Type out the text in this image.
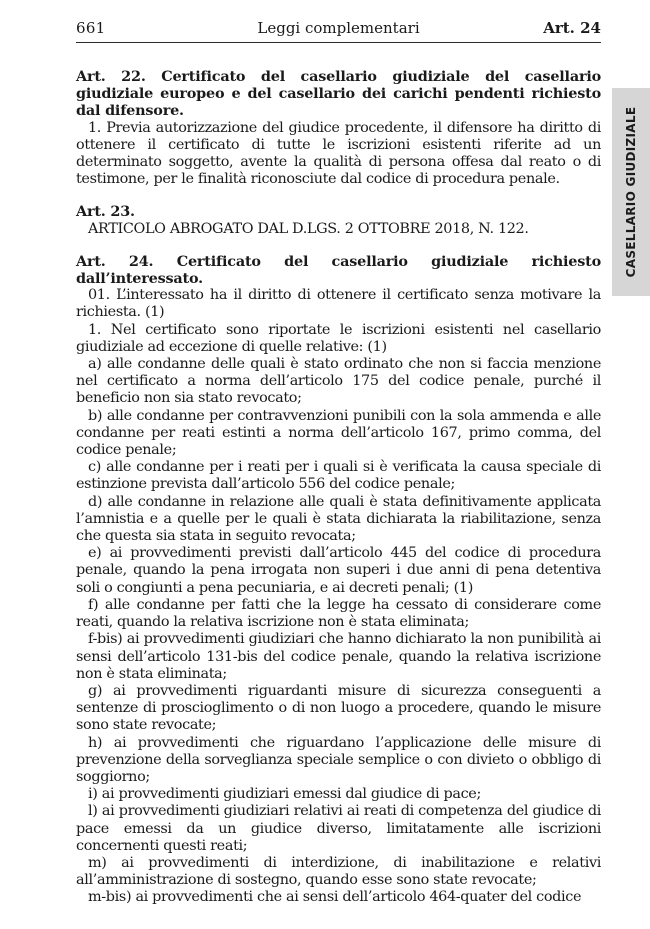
661	Leggi complementari	Art. 24
CASELLARIO GIUDIZIALE

Art. 22. Certificato del casellario giudiziale del casellario giudiziale europeo e del casellario dei carichi pendenti richiesto dal difensore.

1. Previa autorizzazione del giudice procedente, il difensore ha diritto di ottenere il certificato di tutte le iscrizioni esistenti riferite ad un determinato soggetto, avente la qualità di persona offesa dal reato o di testimone, per le finalità riconosciute dal codice di procedura penale.

Art. 23.

ARTICOLO ABROGATO DAL D.LGS. 2 OTTOBRE 2018, N. 122.

Art. 24. Certificato del casellario giudiziale richiesto dall’interessato.

01. L’interessato ha il diritto di ottenere il certificato senza motivare la richiesta. (1)

1. Nel certificato sono riportate le iscrizioni esistenti nel casellario giudiziale ad eccezione di quelle relative: (1)

a) alle condanne delle quali è stato ordinato che non si faccia menzione nel certificato a norma dell’articolo 175 del codice penale, purché il beneficio non sia stato revocato;

b) alle condanne per contravvenzioni punibili con la sola ammenda e alle condanne per reati estinti a norma dell’articolo 167, primo comma, del codice penale;

c) alle condanne per i reati per i quali si è verificata la causa speciale di estinzione prevista dall’articolo 556 del codice penale;

d) alle condanne in relazione alle quali è stata definitivamente applicata l’amnistia e a quelle per le quali è stata dichiarata la riabilitazione, senza che questa sia stata in seguito revocata;

e) ai provvedimenti previsti dall’articolo 445 del codice di procedura penale, quando la pena irrogata non superi i due anni di pena detentiva soli o congiunti a pena pecuniaria, e ai decreti penali; (1)

f) alle condanne per fatti che la legge ha cessato di considerare come reati, quando la relativa iscrizione non è stata eliminata;

f-bis) ai provvedimenti giudiziari che hanno dichiarato la non punibilità ai sensi dell’articolo 131-bis del codice penale, quando la relativa iscrizione non è stata eliminata;

g) ai provvedimenti riguardanti misure di sicurezza conseguenti a sentenze di proscioglimento o di non luogo a procedere, quando le misure sono state revocate;

h) ai provvedimenti che riguardano l’applicazione delle misure di prevenzione della sorveglianza speciale semplice o con divieto o obbligo di soggiorno;

i) ai provvedimenti giudiziari emessi dal giudice di pace;

l) ai provvedimenti giudiziari relativi ai reati di competenza del giudice di pace emessi da un giudice diverso, limitatamente alle iscrizioni concernenti questi reati;

m) ai provvedimenti di interdizione, di inabilitazione e relativi all’amministrazione di sostegno, quando esse sono state revocate;

m-bis) ai provvedimenti che ai sensi dell’articolo 464-quater del codice
